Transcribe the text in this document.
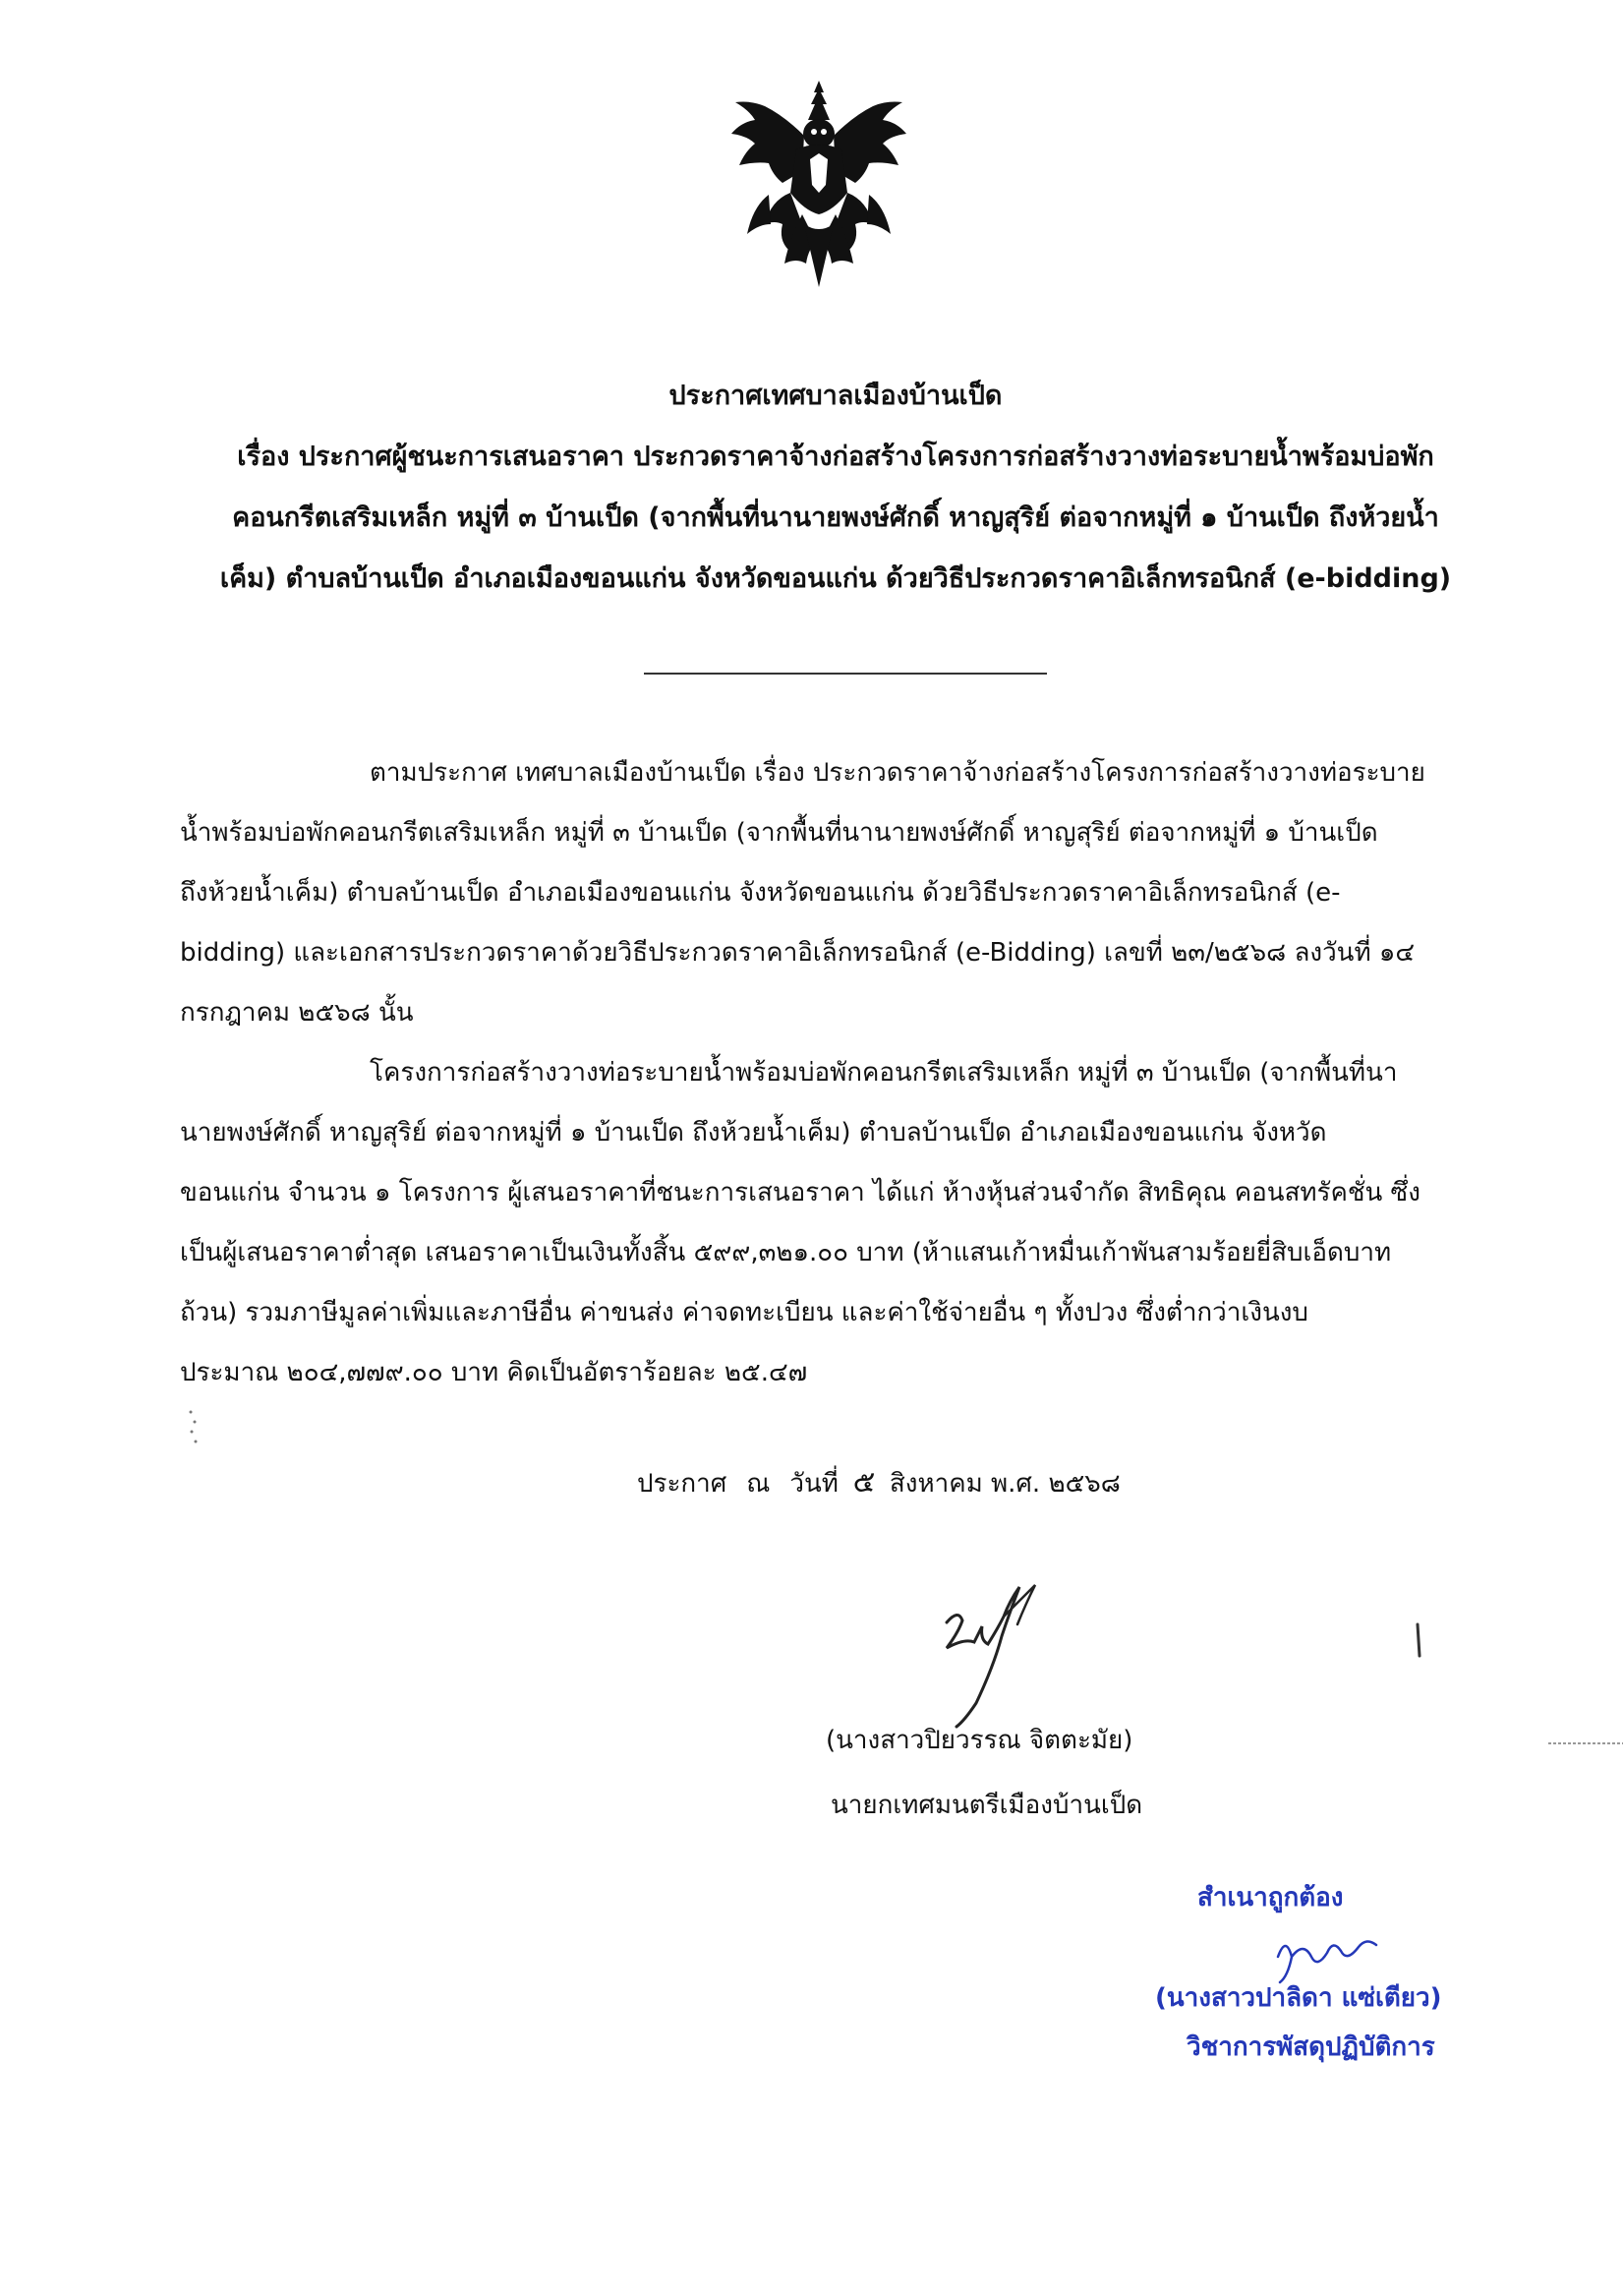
ประกาศเทศบาลเมืองบ้านเป็ด
เรื่อง ประกาศผู้ชนะการเสนอราคา ประกวดราคาจ้างก่อสร้างโครงการก่อสร้างวางท่อระบายน้ำพร้อมบ่อพัก
คอนกรีตเสริมเหล็ก หมู่ที่ ๓ บ้านเป็ด (จากพื้นที่นานายพงษ์ศักดิ์ หาญสุริย์ ต่อจากหมู่ที่ ๑ บ้านเป็ด ถึงห้วยน้ำ
เค็ม) ตำบลบ้านเป็ด อำเภอเมืองขอนแก่น จังหวัดขอนแก่น ด้วยวิธีประกวดราคาอิเล็กทรอนิกส์ (e-bidding)
ตามประกาศ เทศบาลเมืองบ้านเป็ด เรื่อง ประกวดราคาจ้างก่อสร้างโครงการก่อสร้างวางท่อระบาย
น้ำพร้อมบ่อพักคอนกรีตเสริมเหล็ก หมู่ที่ ๓ บ้านเป็ด (จากพื้นที่นานายพงษ์ศักดิ์ หาญสุริย์ ต่อจากหมู่ที่ ๑ บ้านเป็ด
ถึงห้วยน้ำเค็ม) ตำบลบ้านเป็ด อำเภอเมืองขอนแก่น จังหวัดขอนแก่น ด้วยวิธีประกวดราคาอิเล็กทรอนิกส์ (e-
bidding) และเอกสารประกวดราคาด้วยวิธีประกวดราคาอิเล็กทรอนิกส์ (e-Bidding) เลขที่ ๒๓/๒๕๖๘ ลงวันที่ ๑๔
กรกฎาคม ๒๕๖๘ นั้น
โครงการก่อสร้างวางท่อระบายน้ำพร้อมบ่อพักคอนกรีตเสริมเหล็ก หมู่ที่ ๓ บ้านเป็ด (จากพื้นที่นา
นายพงษ์ศักดิ์ หาญสุริย์ ต่อจากหมู่ที่ ๑ บ้านเป็ด ถึงห้วยน้ำเค็ม) ตำบลบ้านเป็ด อำเภอเมืองขอนแก่น จังหวัด
ขอนแก่น จำนวน ๑ โครงการ ผู้เสนอราคาที่ชนะการเสนอราคา ได้แก่ ห้างหุ้นส่วนจำกัด สิทธิคุณ คอนสทรัคชั่น ซึ่ง
เป็นผู้เสนอราคาต่ำสุด เสนอราคาเป็นเงินทั้งสิ้น ๕๙๙,๓๒๑.๐๐ บาท (ห้าแสนเก้าหมื่นเก้าพันสามร้อยยี่สิบเอ็ดบาท
ถ้วน) รวมภาษีมูลค่าเพิ่มและภาษีอื่น ค่าขนส่ง ค่าจดทะเบียน และค่าใช้จ่ายอื่น ๆ ทั้งปวง ซึ่งต่ำกว่าเงินงบ
ประมาณ ๒๐๔,๗๗๙.๐๐ บาท คิดเป็นอัตราร้อยละ ๒๕.๔๗
ประกาศ ณ วันที่ ๕ สิงหาคม พ.ศ. ๒๕๖๘
(นางสาวปิยวรรณ จิตตะมัย)
นายกเทศมนตรีเมืองบ้านเป็ด
สำเนาถูกต้อง
(นางสาวปาลิดา แซ่เตียว)
วิชาการพัสดุปฏิบัติการ
